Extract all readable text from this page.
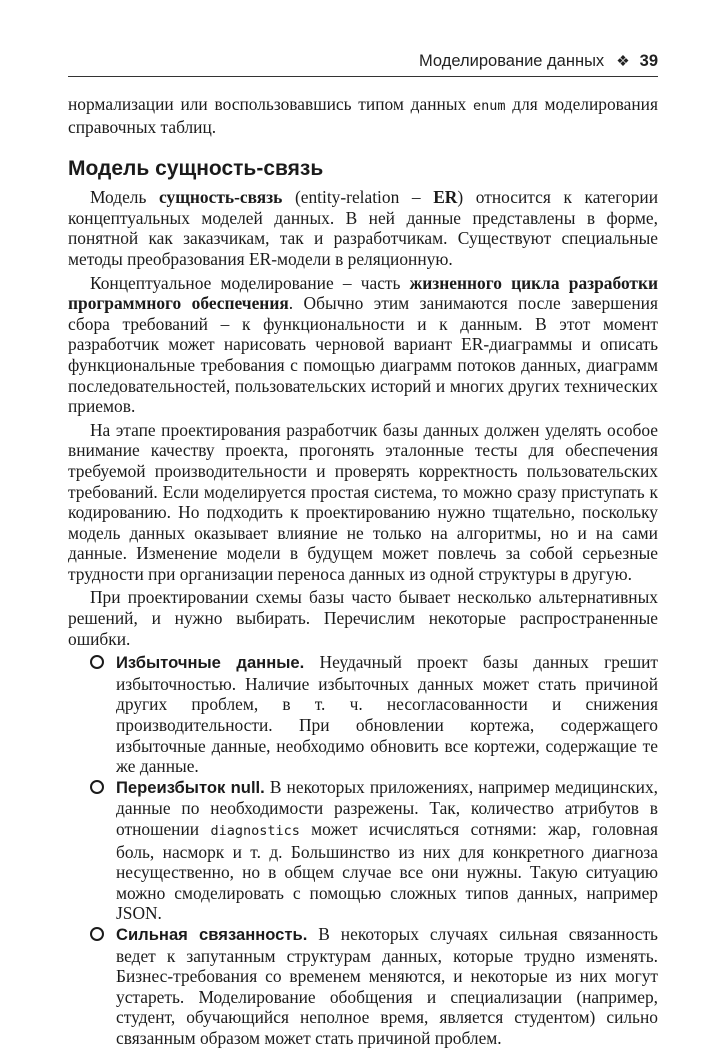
Моделирование данных ❖ 39

нормализации или воспользовавшись типом данных enum для моделирования справочных таблиц.

Модель сущность-связь

Модель сущность-связь (entity-relation – ER) относится к категории концептуальных моделей данных. В ней данные представлены в форме, понятной как заказчикам, так и разработчикам. Существуют специальные методы преобразования ER-модели в реляционную.

Концептуальное моделирование – часть жизненного цикла разработки программного обеспечения. Обычно этим занимаются после завершения сбора требований – к функциональности и к данным. В этот момент разработчик может нарисовать черновой вариант ER-диаграммы и описать функциональные требования с помощью диаграмм потоков данных, диаграмм последовательностей, пользовательских историй и многих других технических приемов.

На этапе проектирования разработчик базы данных должен уделять особое внимание качеству проекта, прогонять эталонные тесты для обеспечения требуемой производительности и проверять корректность пользовательских требований. Если моделируется простая система, то можно сразу приступать к кодированию. Но подходить к проектированию нужно тщательно, поскольку модель данных оказывает влияние не только на алгоритмы, но и на сами данные. Изменение модели в будущем может повлечь за собой серьезные трудности при организации переноса данных из одной структуры в другую.

При проектировании схемы базы часто бывает несколько альтернативных решений, и нужно выбирать. Перечислим некоторые распространенные ошибки.

Избыточные данные. Неудачный проект базы данных грешит избыточностью. Наличие избыточных данных может стать причиной других проблем, в т. ч. несогласованности и снижения производительности. При обновлении кортежа, содержащего избыточные данные, необходимо обновить все кортежи, содержащие те же данные.
Переизбыток null. В некоторых приложениях, например медицинских, данные по необходимости разрежены. Так, количество атрибутов в отношении diagnostics может исчисляться сотнями: жар, головная боль, насморк и т. д. Большинство из них для конкретного диагноза несущественно, но в общем случае все они нужны. Такую ситуацию можно смоделировать с помощью сложных типов данных, например JSON.
Сильная связанность. В некоторых случаях сильная связанность ведет к запутанным структурам данных, которые трудно изменять. Бизнес-требования со временем меняются, и некоторые из них могут устареть. Моделирование обобщения и специализации (например, студент, обучающийся неполное время, является студентом) сильно связанным образом может стать причиной проблем.
